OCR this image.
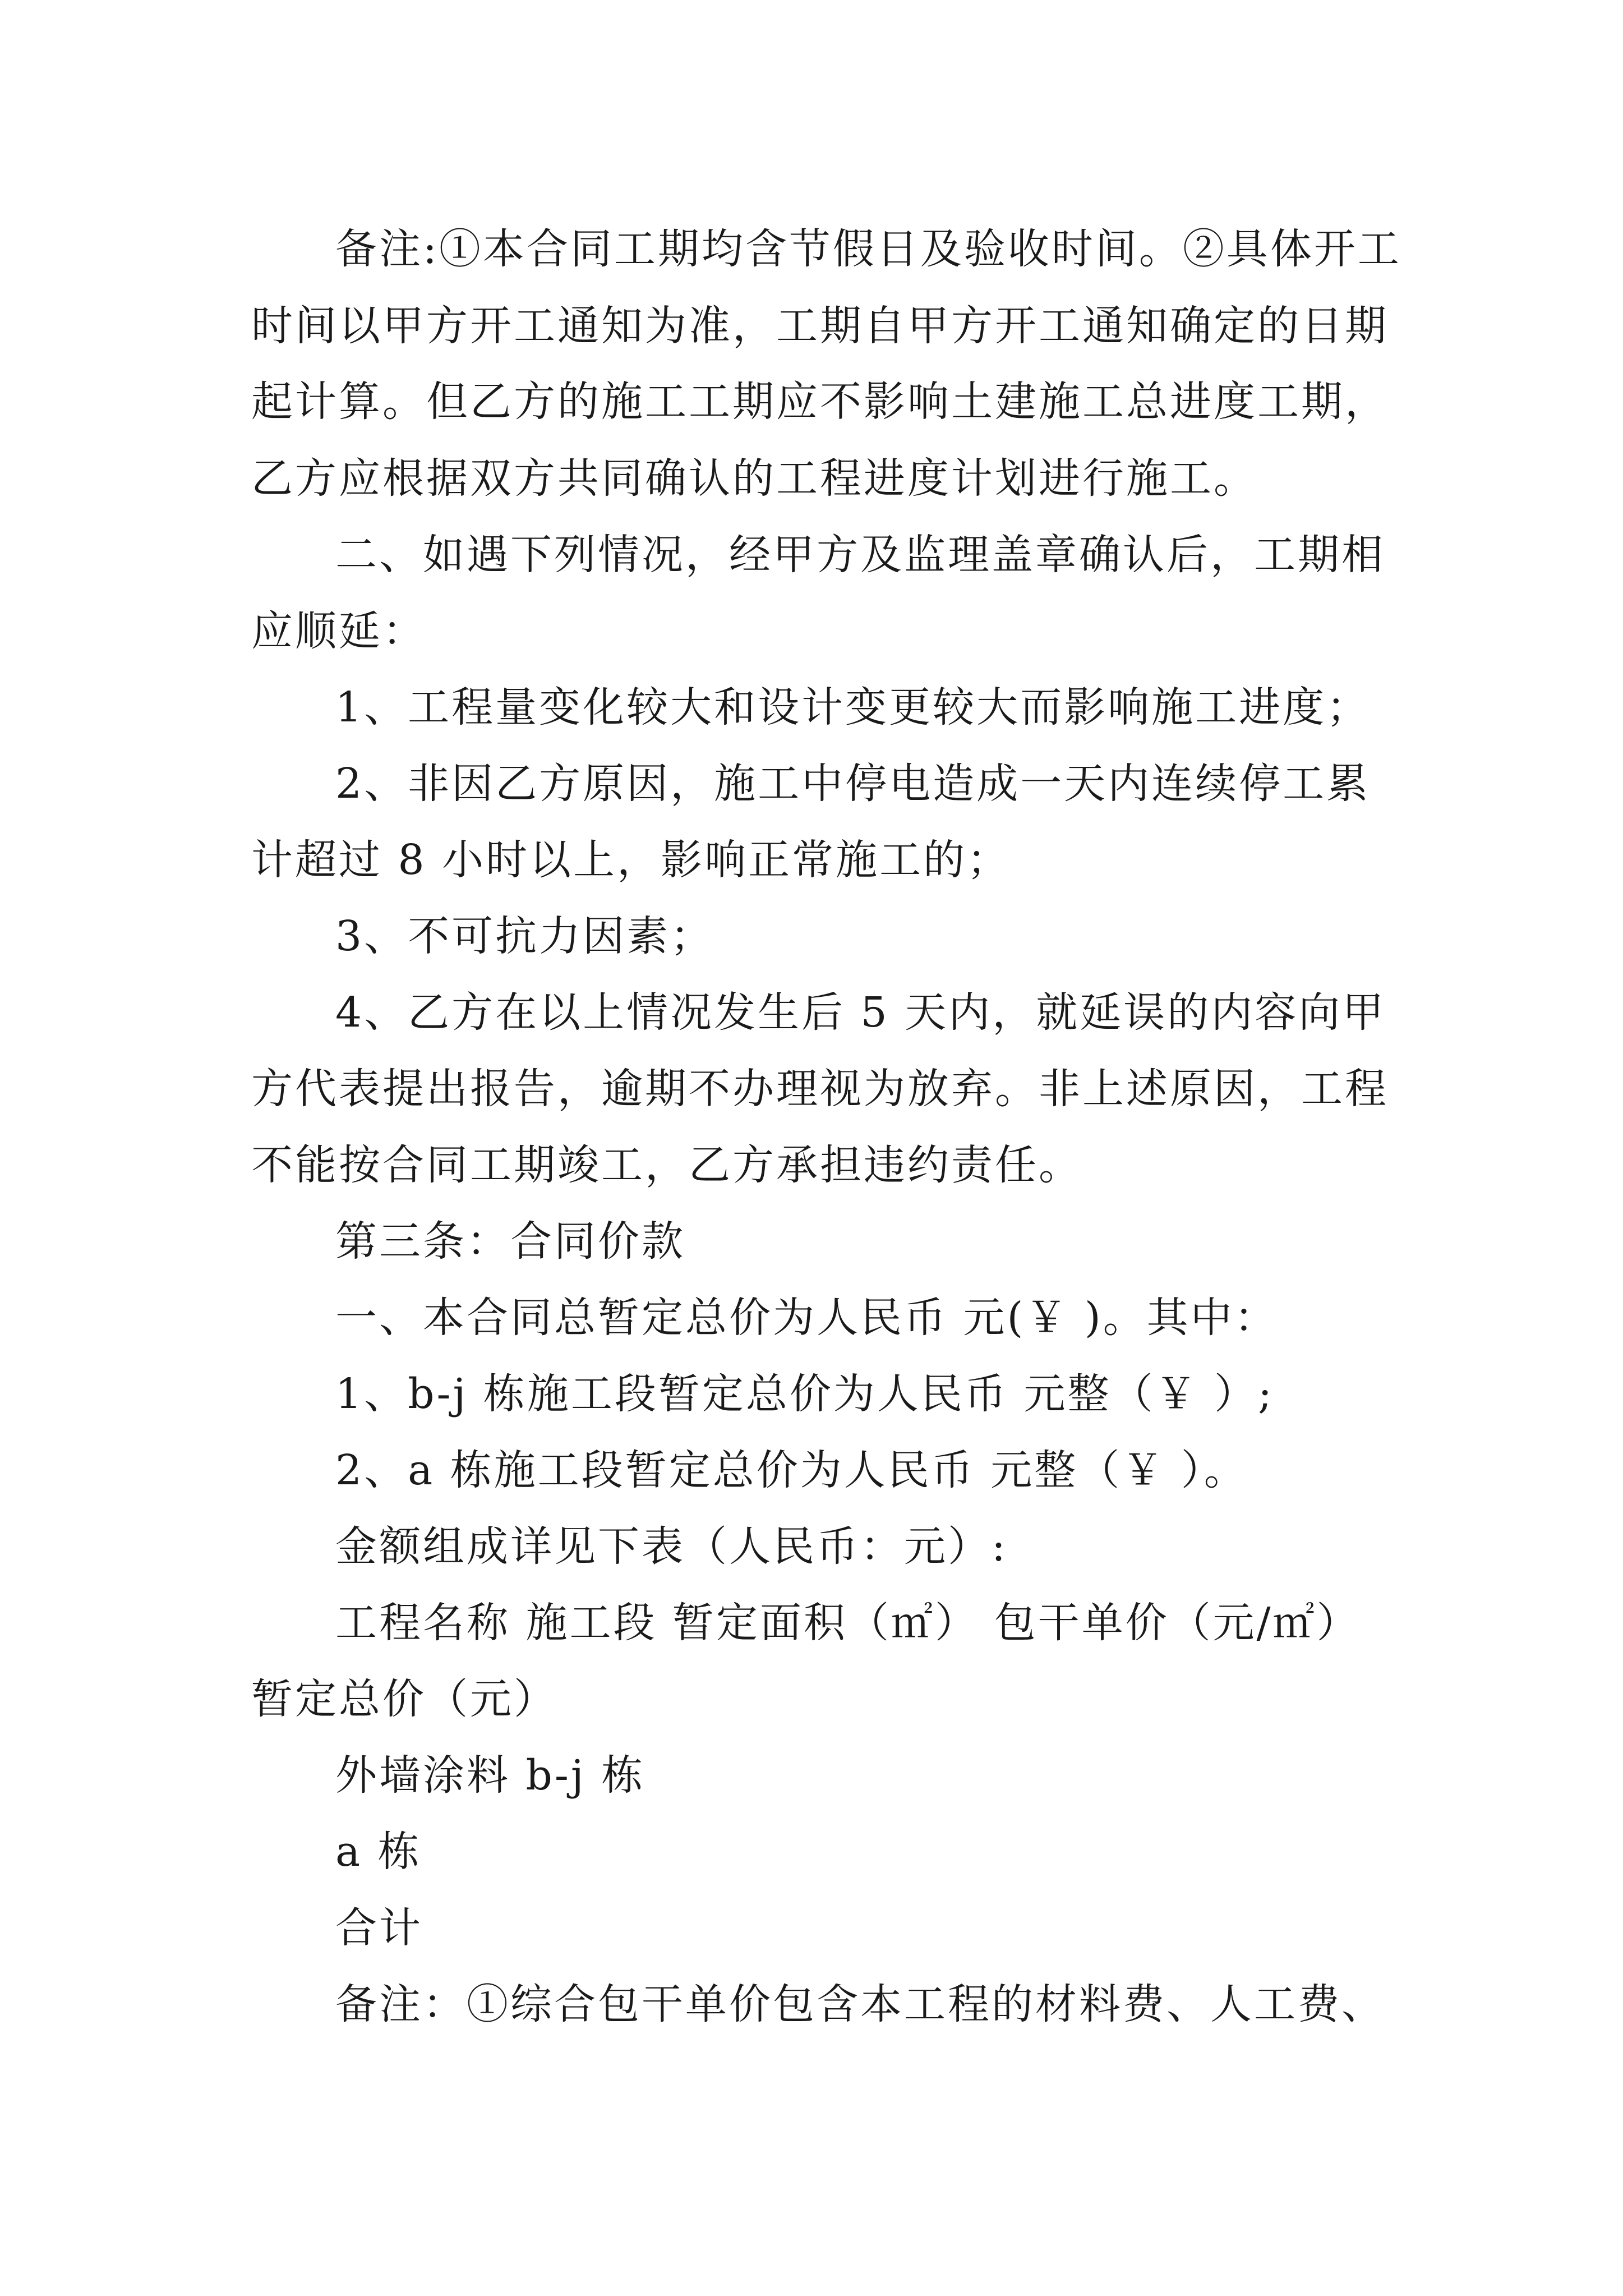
备注:①本合同工期均含节假日及验收时间。②具体开工
时间以甲方开工通知为准，工期自甲方开工通知确定的日期
起计算。但乙方的施工工期应不影响土建施工总进度工期，
乙方应根据双方共同确认的工程进度计划进行施工。
二、如遇下列情况，经甲方及监理盖章确认后，工期相
应顺延：
1、工程量变化较大和设计变更较大而影响施工进度；
2、非因乙方原因，施工中停电造成一天内连续停工累
计超过 8 小时以上，影响正常施工的；
3、不可抗力因素；
4、乙方在以上情况发生后 5 天内，就延误的内容向甲
方代表提出报告，逾期不办理视为放弃。非上述原因，工程
不能按合同工期竣工，乙方承担违约责任。
第三条：合同价款
一、本合同总暂定总价为人民币 元(￥ )。其中：
1、b-j 栋施工段暂定总价为人民币 元整（￥ ）;
2、a 栋施工段暂定总价为人民币 元整（￥ ）。
金额组成详见下表（人民币：元）:
工程名称 施工段 暂定面积（㎡） 包干单价（元/㎡）
暂定总价（元）
外墙涂料 b-j 栋
a 栋
合计
备注：①综合包干单价包含本工程的材料费、人工费、
